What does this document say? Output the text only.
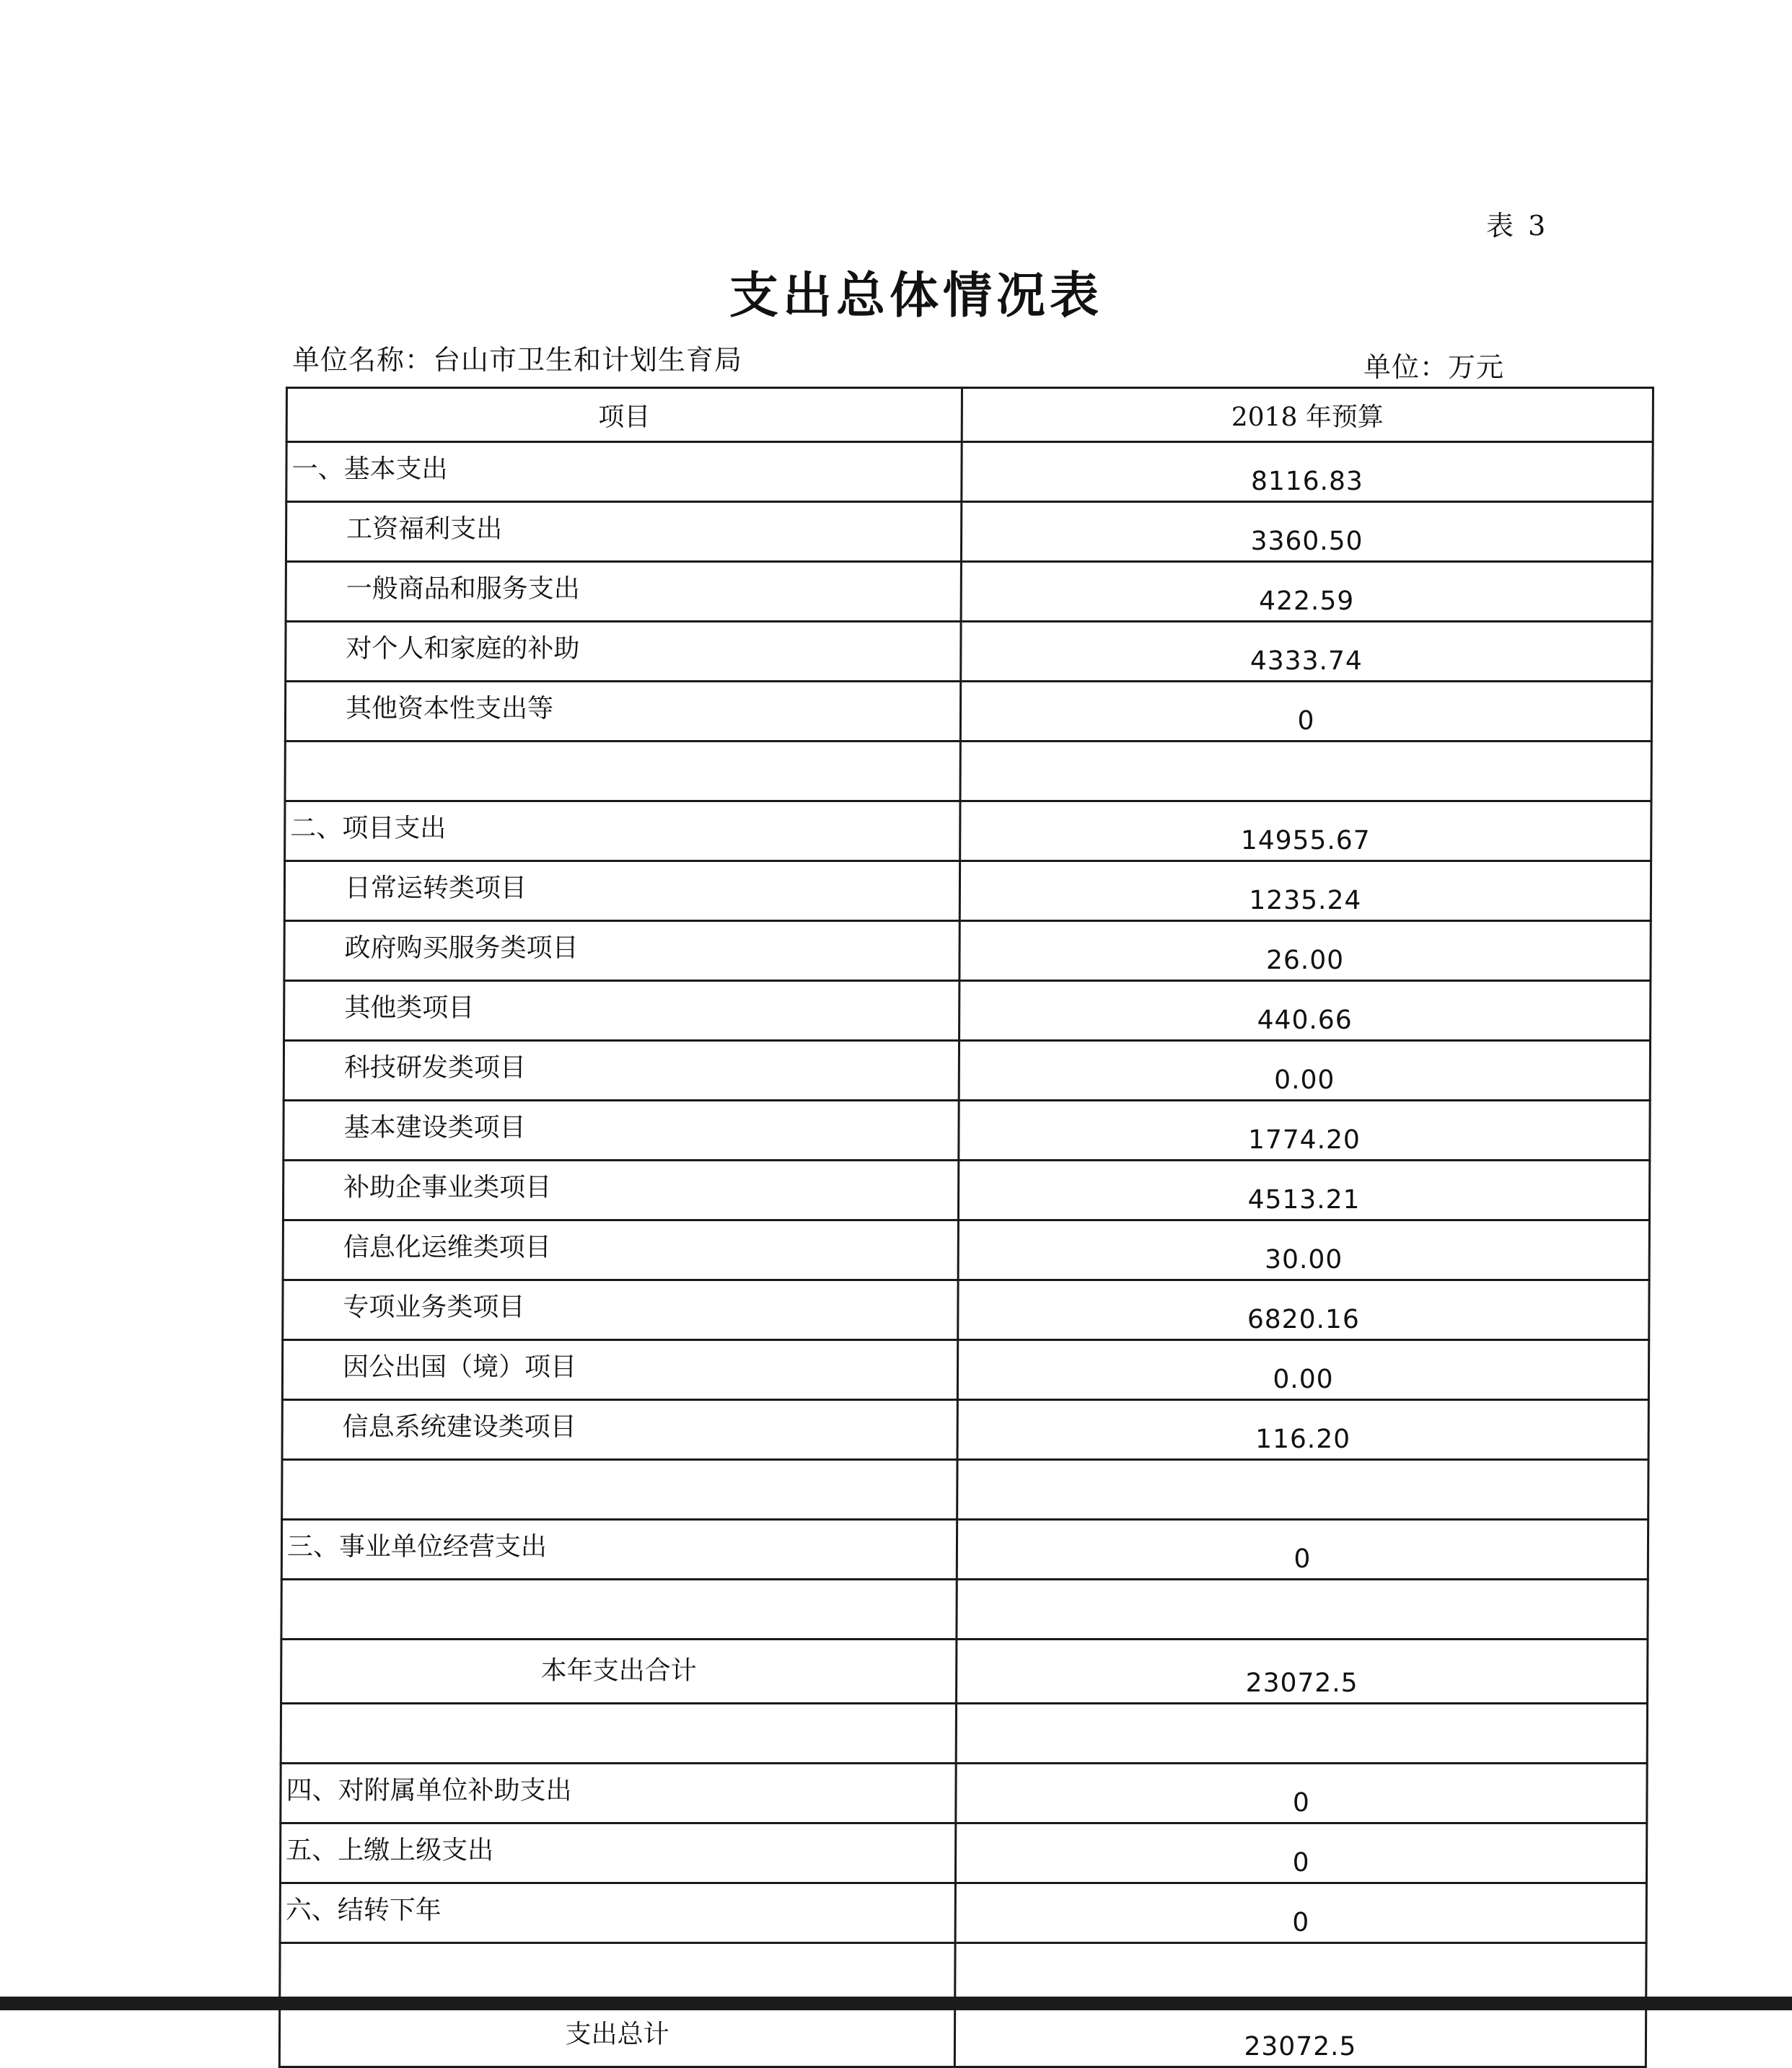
表 3
支出总体情况表
单位名称：台山市卫生和计划生育局	单位：万元
项目	2018 年预算
一、基本支出	8116.83
工资福利支出	3360.50
一般商品和服务支出	422.59
对个人和家庭的补助	4333.74
其他资本性支出等	0

二、项目支出	14955.67
日常运转类项目	1235.24
政府购买服务类项目	26.00
其他类项目	440.66
科技研发类项目	0.00
基本建设类项目	1774.20
补助企事业类项目	4513.21
信息化运维类项目	30.00
专项业务类项目	6820.16
因公出国（境）项目	0.00
信息系统建设类项目	116.20

三、事业单位经营支出	0

本年支出合计	23072.5

四、对附属单位补助支出	0
五、上缴上级支出	0
六、结转下年	0

支出总计	23072.5
